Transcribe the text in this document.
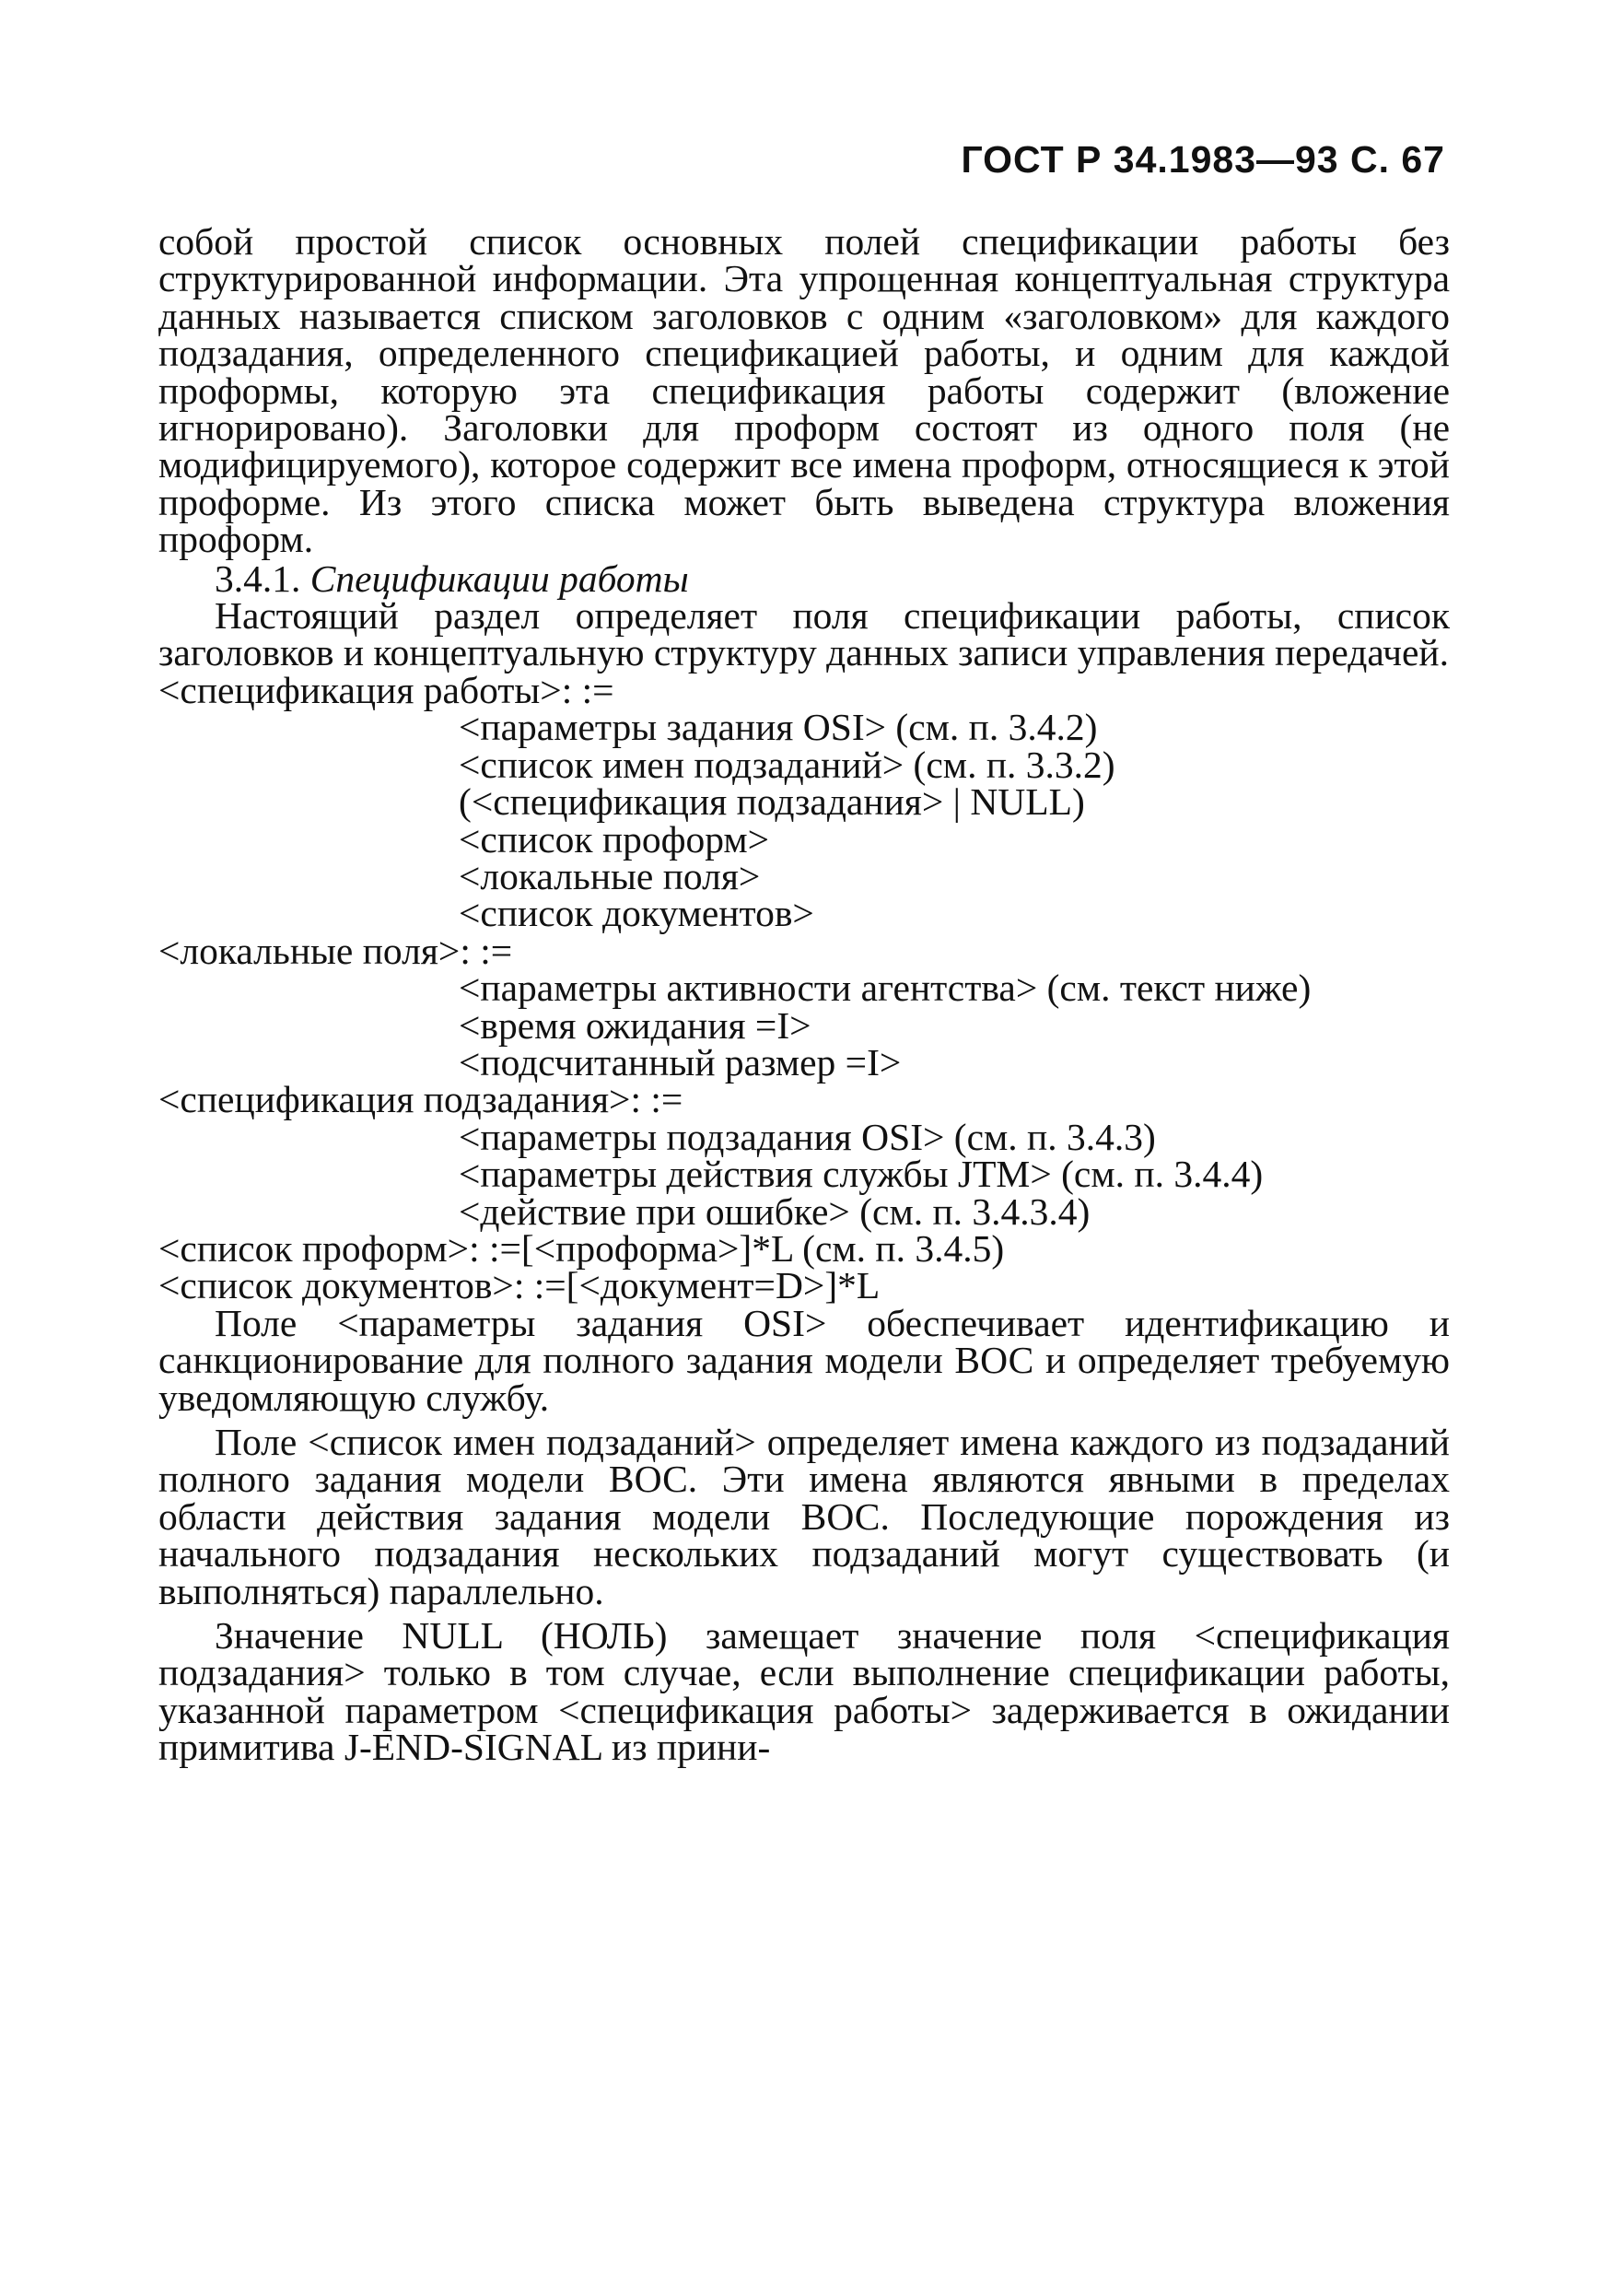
ГОСТ Р 34.1983—93 С. 67

собой простой список основных полей спецификации работы без структурированной информации. Эта упрощенная концептуальная структура данных называется списком заголовков с одним «заголовком» для каждого подзадания, определенного спецификацией работы, и одним для каждой проформы, которую эта спецификация работы содержит (вложение игнорировано). Заголовки для проформ состоят из одного поля (не модифицируемого), которое содержит все имена проформ, относящиеся к этой проформе. Из этого списка может быть выведена структура вложения проформ.

3.4.1. Спецификации работы

Настоящий раздел определяет поля спецификации работы, список заголовков и концептуальную структуру данных записи управления передачей.

<спецификация работы>: :=

<параметры задания OSI> (см. п. 3.4.2)

<список имен подзаданий> (см. п. 3.3.2)

(<спецификация подзадания> | NULL)

<список проформ>

<локальные поля>

<список документов>

<локальные поля>: :=

<параметры активности агентства> (см. текст ниже)

<время ожидания =I>

<подсчитанный размер =I>

<спецификация подзадания>: :=

<параметры подзадания OSI> (см. п. 3.4.3)

<параметры действия службы JTM> (см. п. 3.4.4)

<действие при ошибке> (см. п. 3.4.3.4)

<список проформ>: :=[<проформа>]*L (см. п. 3.4.5)

<список документов>: :=[<документ=D>]*L

Поле <параметры задания OSI> обеспечивает идентификацию и санкционирование для полного задания модели ВОС и определяет требуемую уведомляющую службу.

Поле <список имен подзаданий> определяет имена каждого из подзаданий полного задания модели ВОС. Эти имена являются явными в пределах области действия задания модели ВОС. Последующие порождения из начального подзадания нескольких подзаданий могут существовать (и выполняться) параллельно.

Значение NULL (НОЛЬ) замещает значение поля <спецификация подзадания> только в том случае, если выполнение спецификации работы, указанной параметром <спецификация работы> задерживается в ожидании примитива J-END-SIGNAL из прини-
